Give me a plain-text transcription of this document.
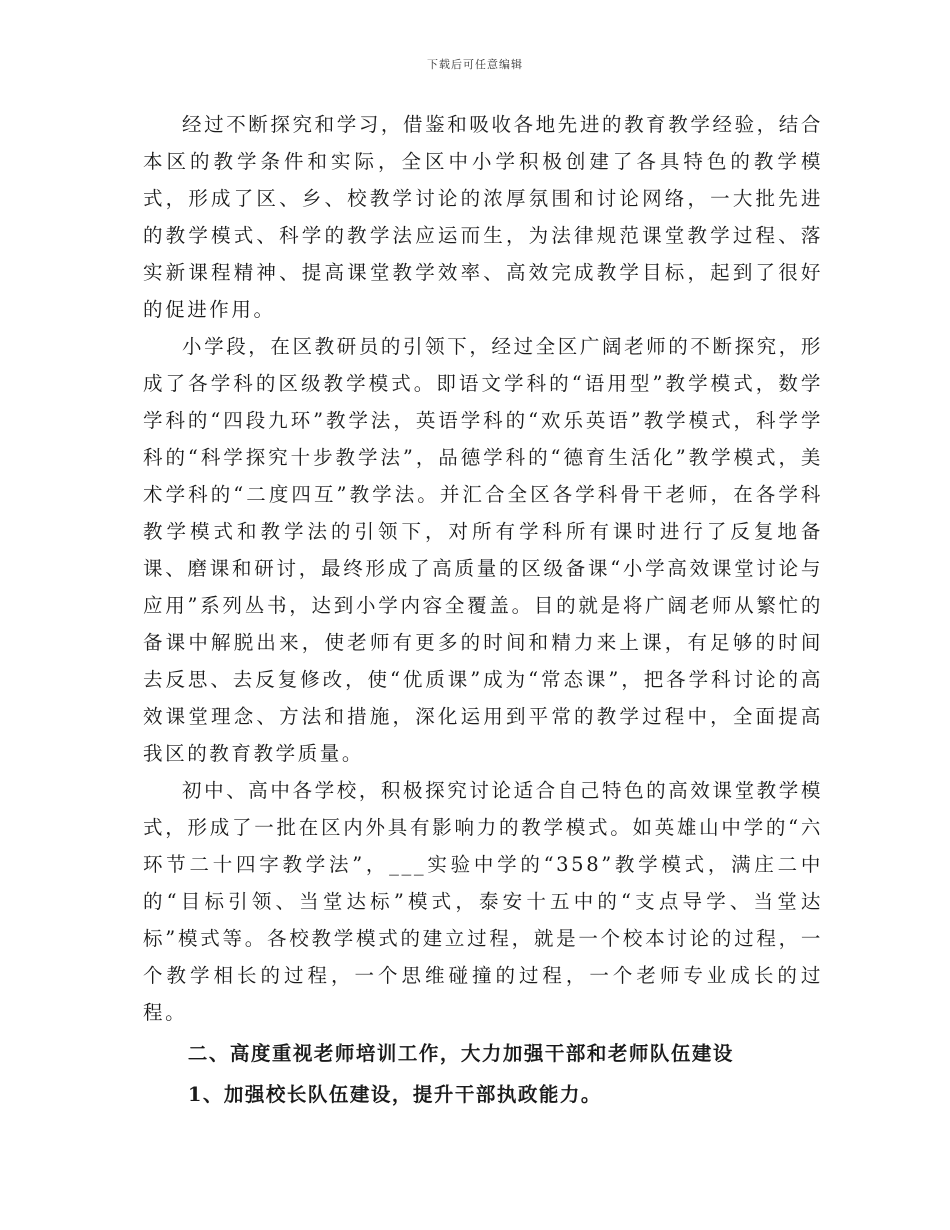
下载后可任意编辑

经过不断探究和学习，借鉴和吸收各地先进的教育教学经验，结合本区的教学条件和实际，全区中小学积极创建了各具特色的教学模式，形成了区、乡、校教学讨论的浓厚氛围和讨论网络，一大批先进的教学模式、科学的教学法应运而生，为法律规范课堂教学过程、落实新课程精神、提高课堂教学效率、高效完成教学目标，起到了很好的促进作用。

小学段，在区教研员的引领下，经过全区广阔老师的不断探究，形成了各学科的区级教学模式。即语文学科的“语用型”教学模式，数学学科的“四段九环”教学法，英语学科的“欢乐英语”教学模式，科学学科的“科学探究十步教学法”，品德学科的“德育生活化”教学模式，美术学科的“二度四互”教学法。并汇合全区各学科骨干老师，在各学科教学模式和教学法的引领下，对所有学科所有课时进行了反复地备课、磨课和研讨，最终形成了高质量的区级备课“小学高效课堂讨论与应用”系列丛书，达到小学内容全覆盖。目的就是将广阔老师从繁忙的备课中解脱出来，使老师有更多的时间和精力来上课，有足够的时间去反思、去反复修改，使“优质课”成为“常态课”，把各学科讨论的高效课堂理念、方法和措施，深化运用到平常的教学过程中，全面提高我区的教育教学质量。

初中、高中各学校，积极探究讨论适合自己特色的高效课堂教学模式，形成了一批在区内外具有影响力的教学模式。如英雄山中学的“六环节二十四字教学法”，___实验中学的“358”教学模式，满庄二中的“目标引领、当堂达标”模式，泰安十五中的“支点导学、当堂达标”模式等。各校教学模式的建立过程，就是一个校本讨论的过程，一个教学相长的过程，一个思维碰撞的过程，一个老师专业成长的过程。

二、高度重视老师培训工作，大力加强干部和老师队伍建设

1、加强校长队伍建设，提升干部执政能力。
